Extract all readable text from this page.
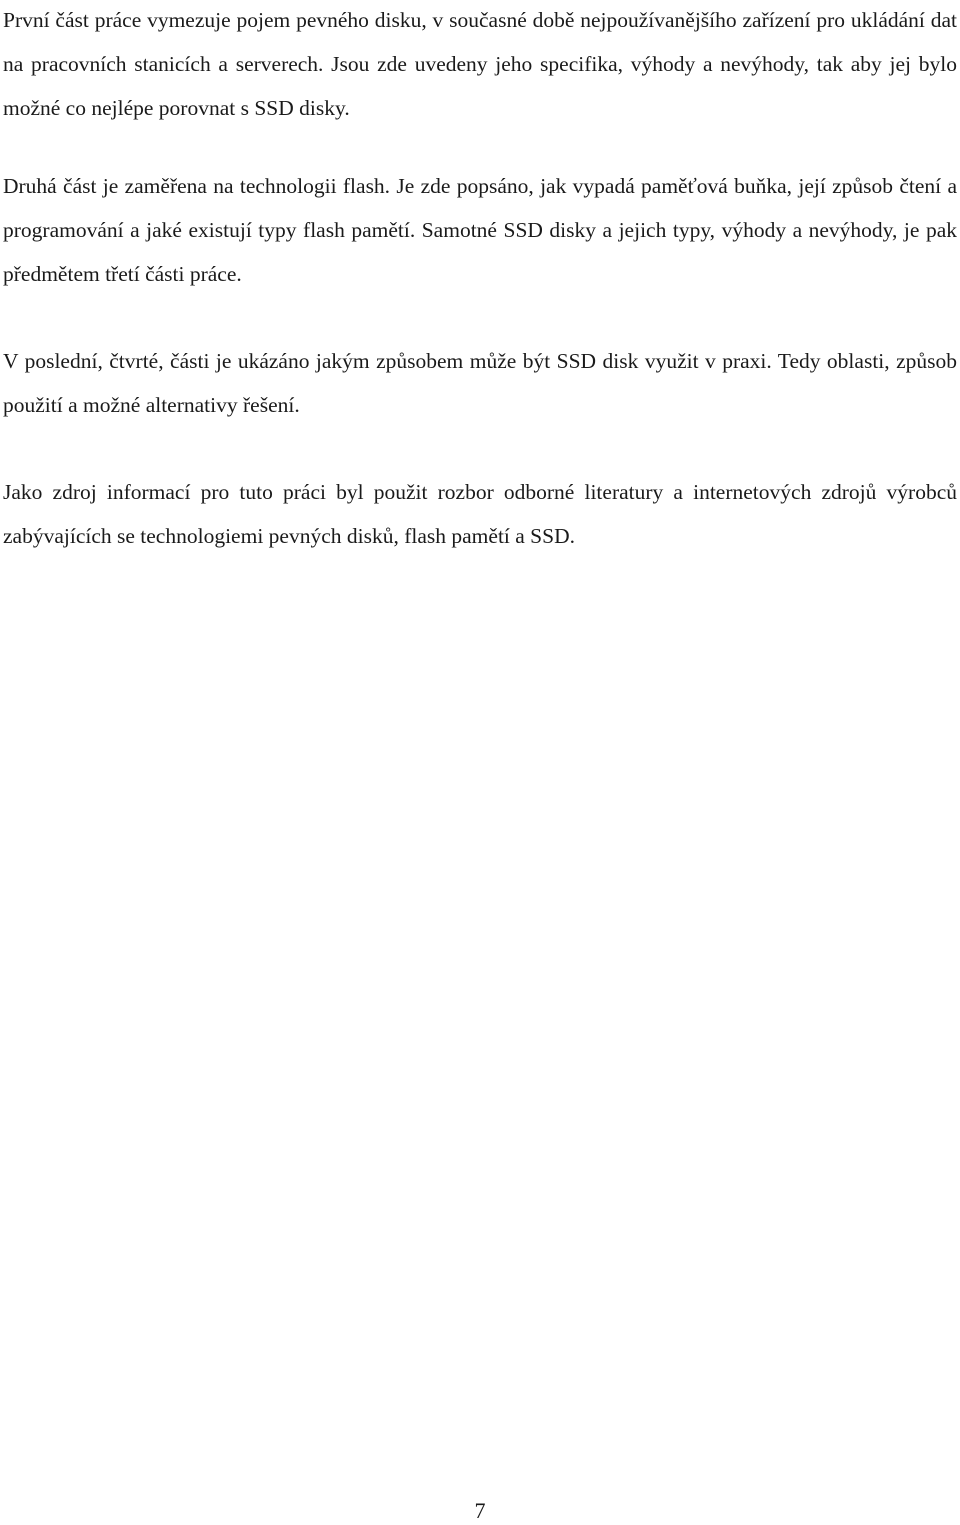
První část práce vymezuje pojem pevného disku, v současné době nejpoužívanějšího zařízení pro ukládání dat na pracovních stanicích a serverech. Jsou zde uvedeny jeho specifika, výhody a nevýhody, tak aby jej bylo možné co nejlépe porovnat s SSD disky.

Druhá část je zaměřena na technologii flash. Je zde popsáno, jak vypadá paměťová buňka, její způsob čtení a programování a jaké existují typy flash pamětí. Samotné SSD disky a jejich typy, výhody a nevýhody, je pak předmětem třetí části práce.

V poslední, čtvrté, části je ukázáno jakým způsobem může být SSD disk využit v praxi. Tedy oblasti, způsob použití a možné alternativy řešení.

Jako zdroj informací pro tuto práci byl použit rozbor odborné literatury a internetových zdrojů výrobců zabývajících se technologiemi pevných disků, flash pamětí a SSD.

7
